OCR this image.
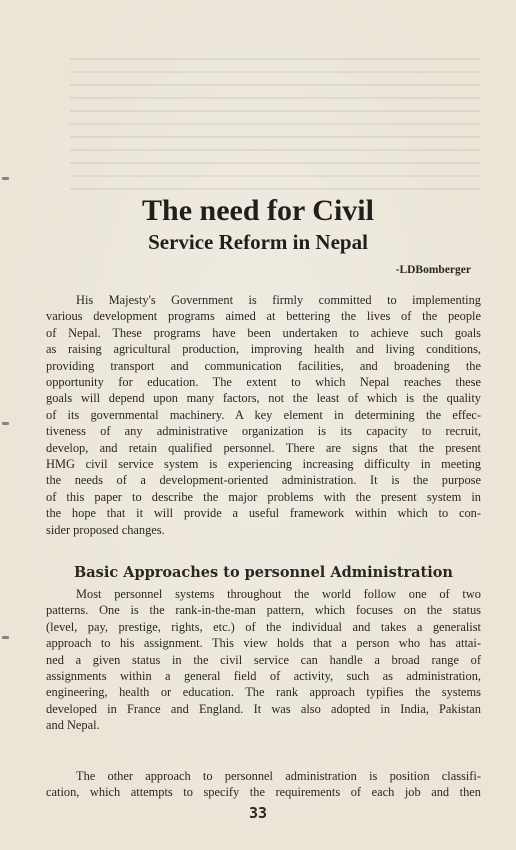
The need for Civil
Service Reform in Nepal
-LDBomberger
His Majesty's Government is firmly committed to implementing
various development programs aimed at bettering the lives of the people
of Nepal. These programs have been undertaken to achieve such goals
as raising agricultural production, improving health and living conditions,
providing transport and communication facilities, and broadening the
opportunity for education. The extent to which Nepal reaches these
goals will depend upon many factors, not the least of which is the quality
of its governmental machinery. A key element in determining the effec-
tiveness of any administrative organization is its capacity to recruit,
develop, and retain qualified personnel. There are signs that the present
HMG civil service system is experiencing increasing difficulty in meeting
the needs of a development-oriented administration. It is the purpose
of this paper to describe the major problems with the present system in
the hope that it will provide a useful framework within which to con-
sider proposed changes.
Basic Approaches to personnel Administration
Most personnel systems throughout the world follow one of two
patterns. One is the rank-in-the-man pattern, which focuses on the status
(level, pay, prestige, rights, etc.) of the individual and takes a generalist
approach to his assignment. This view holds that a person who has attai-
ned a given status in the civil service can handle a broad range of
assignments within a general field of activity, such as administration,
engineering, health or education. The rank approach typifies the systems
developed in France and England. It was also adopted in India, Pakistan
and Nepal.
The other approach to personnel administration is position classifi-
cation, which attempts to specify the requirements of each job and then
33
